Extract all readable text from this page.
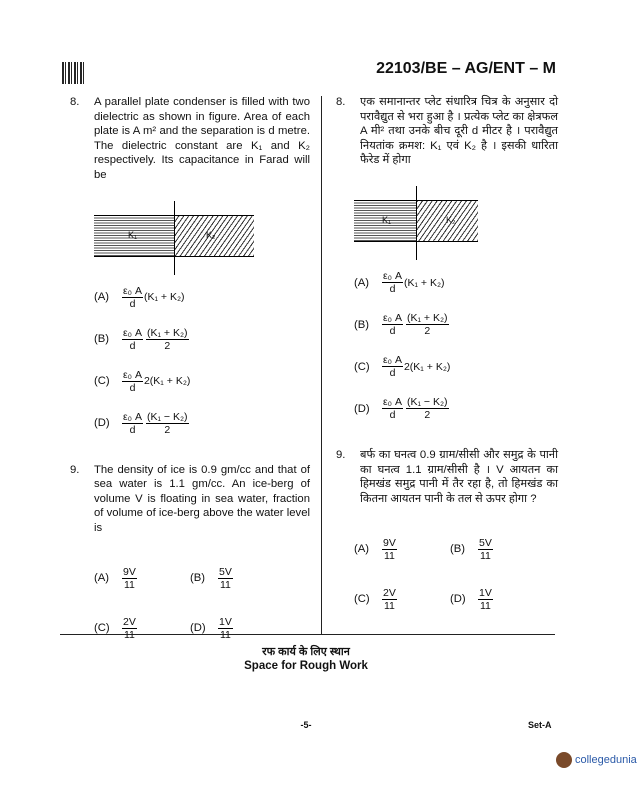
22103/BE – AG/ENT – M
8.	A parallel plate condenser is filled with two dielectric as shown in figure. Area of each plate is A m² and the separation is d metre. The dielectric constant are K₁ and K₂ respectively. Its capacitance in Farad will be
K₁	K₂
(A)	$\frac{\text{ε₀ A}}{d} (K_1 + K_2)$
(B)	$\frac{\text{ε₀ A}}{d} \frac{\text{(K₁ + K₂)}}{2}$
(C)	$\frac{\text{ε₀ A}}{d} 2(K_1 + K_2)$
(D)	$\frac{\text{ε₀ A}}{d} \frac{\text{(K₁ − K₂)}}{2}$
9.	The density of ice is 0.9 gm/cc and that of sea water is 1.1 gm/cc. An ice-berg of volume V is floating in sea water, fraction of volume of ice-berg above the water level is
(A)	$\frac{9V}{11}$	(B)	$\frac{5V}{11}$
(C)	$\frac{2V}{11}$	(D)	$\frac{1V}{11}$
8.	एक समानान्तर प्लेट संधारित्र चित्र के अनुसार दो परावैद्युत से भरा हुआ है । प्रत्येक प्लेट का क्षेत्रफल A मी² तथा उनके बीच दूरी d मीटर है । परावैद्युत नियतांक क्रमश: K₁ एवं K₂ है । इसकी धारिता फैरेड में होगा
K₁	K₂
(A)	$\frac{\text{ε₀ A}}{d} (K_1 + K_2)$
(B)	$\frac{\text{ε₀ A}}{d} \frac{\text{(K₁ + K₂)}}{2}$
(C)	$\frac{\text{ε₀ A}}{d} 2(K_1 + K_2)$
(D)	$\frac{\text{ε₀ A}}{d} \frac{\text{(K₁ − K₂)}}{2}$
9.	बर्फ का घनत्व 0.9 ग्राम/सीसी और समुद्र के पानी का घनत्व 1.1 ग्राम/सीसी है । V आयतन का हिमखंड समुद्र पानी में तैर रहा है, तो हिमखंड का कितना आयतन पानी के तल से ऊपर होगा ?
(A)	$\frac{9V}{11}$	(B)	$\frac{5V}{11}$
(C)	$\frac{2V}{11}$	(D)	$\frac{1V}{11}$
रफ कार्य के लिए स्थान
Space for Rough Work
-5-	Set-A
collegedunia
